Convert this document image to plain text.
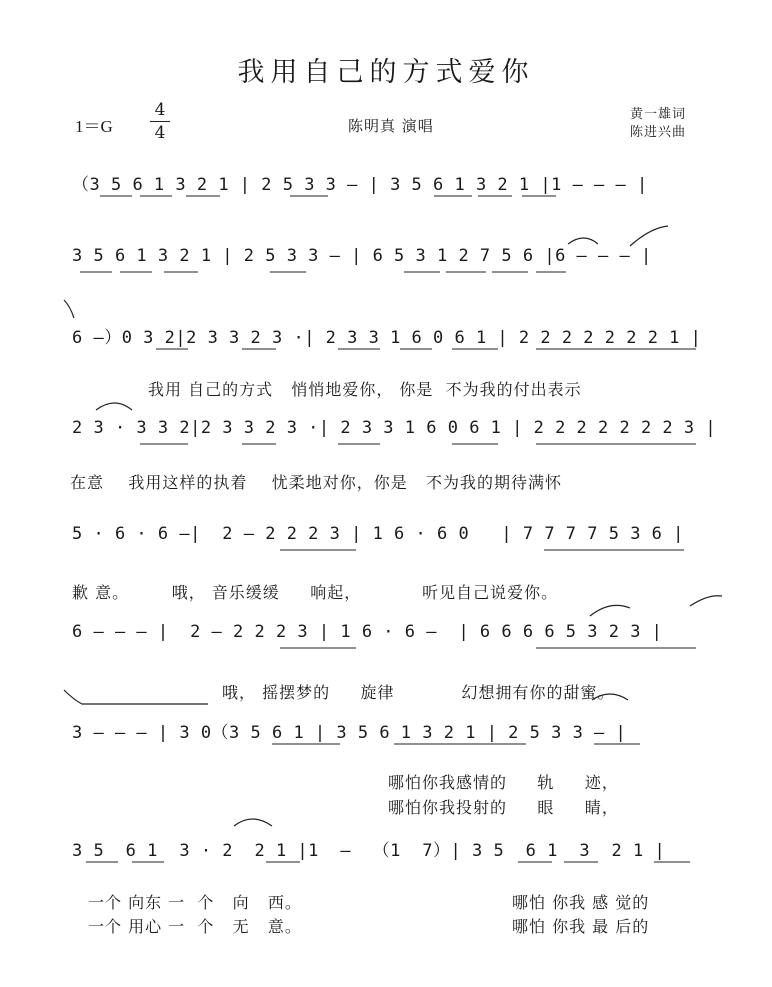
我用自己的方式爱你
1＝G
4
4	陈明真 演唱
黄一雄词
陈进兴曲
（3 5 6 1 3 2 1 | 2 5 3 3 — | 3 5 6 1 3 2 1 |1 — — — |
3 5 6 1 3 2 1 | 2 5 3 3 — | 6 5 3 1 2 7 5 6 |6 — — — |
6 —）0 3 2|2 3 3 2 3 ·| 2 3 3 1 6 0 6 1 | 2 2 2 2 2 2 2 1 |
我用 自己的方式   悄悄地爱你， 你是  不为我的付出表示
2 3 · 3 3 2|2 3 3 2 3 ·| 2 3 3 1 6 0 6 1 | 2 2 2 2 2 2 2 3 |
在意    我用这样的执着    忧柔地对你，你是   不为我的期待满怀
5 · 6 · 6 —|  2 — 2 2 2 3 | 1 6 · 6 0   | 7 7 7 7 5 3 6 |
歉 意。       哦， 音乐缓缓     响起，          听见自己说爱你。
6 — — — |  2 — 2 2 2 3 | 1 6 · 6 —  | 6 6 6 6 5 3 2 3 |
哦， 摇摆梦的     旋律           幻想拥有你的甜蜜。
3 — — — | 3 0（3 5 6 1 | 3 5 6 1 3 2 1 | 2 5 3 3 — |
哪怕你我感情的     轨     迹，
哪怕你我投射的     眼     睛，
3 5  6 1  3 · 2  2 1 |1  —  （1  7）| 3 5  6 1  3  2 1 |
一个 向东 一  个   向   西。
一个 用心 一  个   无   意。
哪怕 你我 感 觉的
哪怕 你我 最 后的
